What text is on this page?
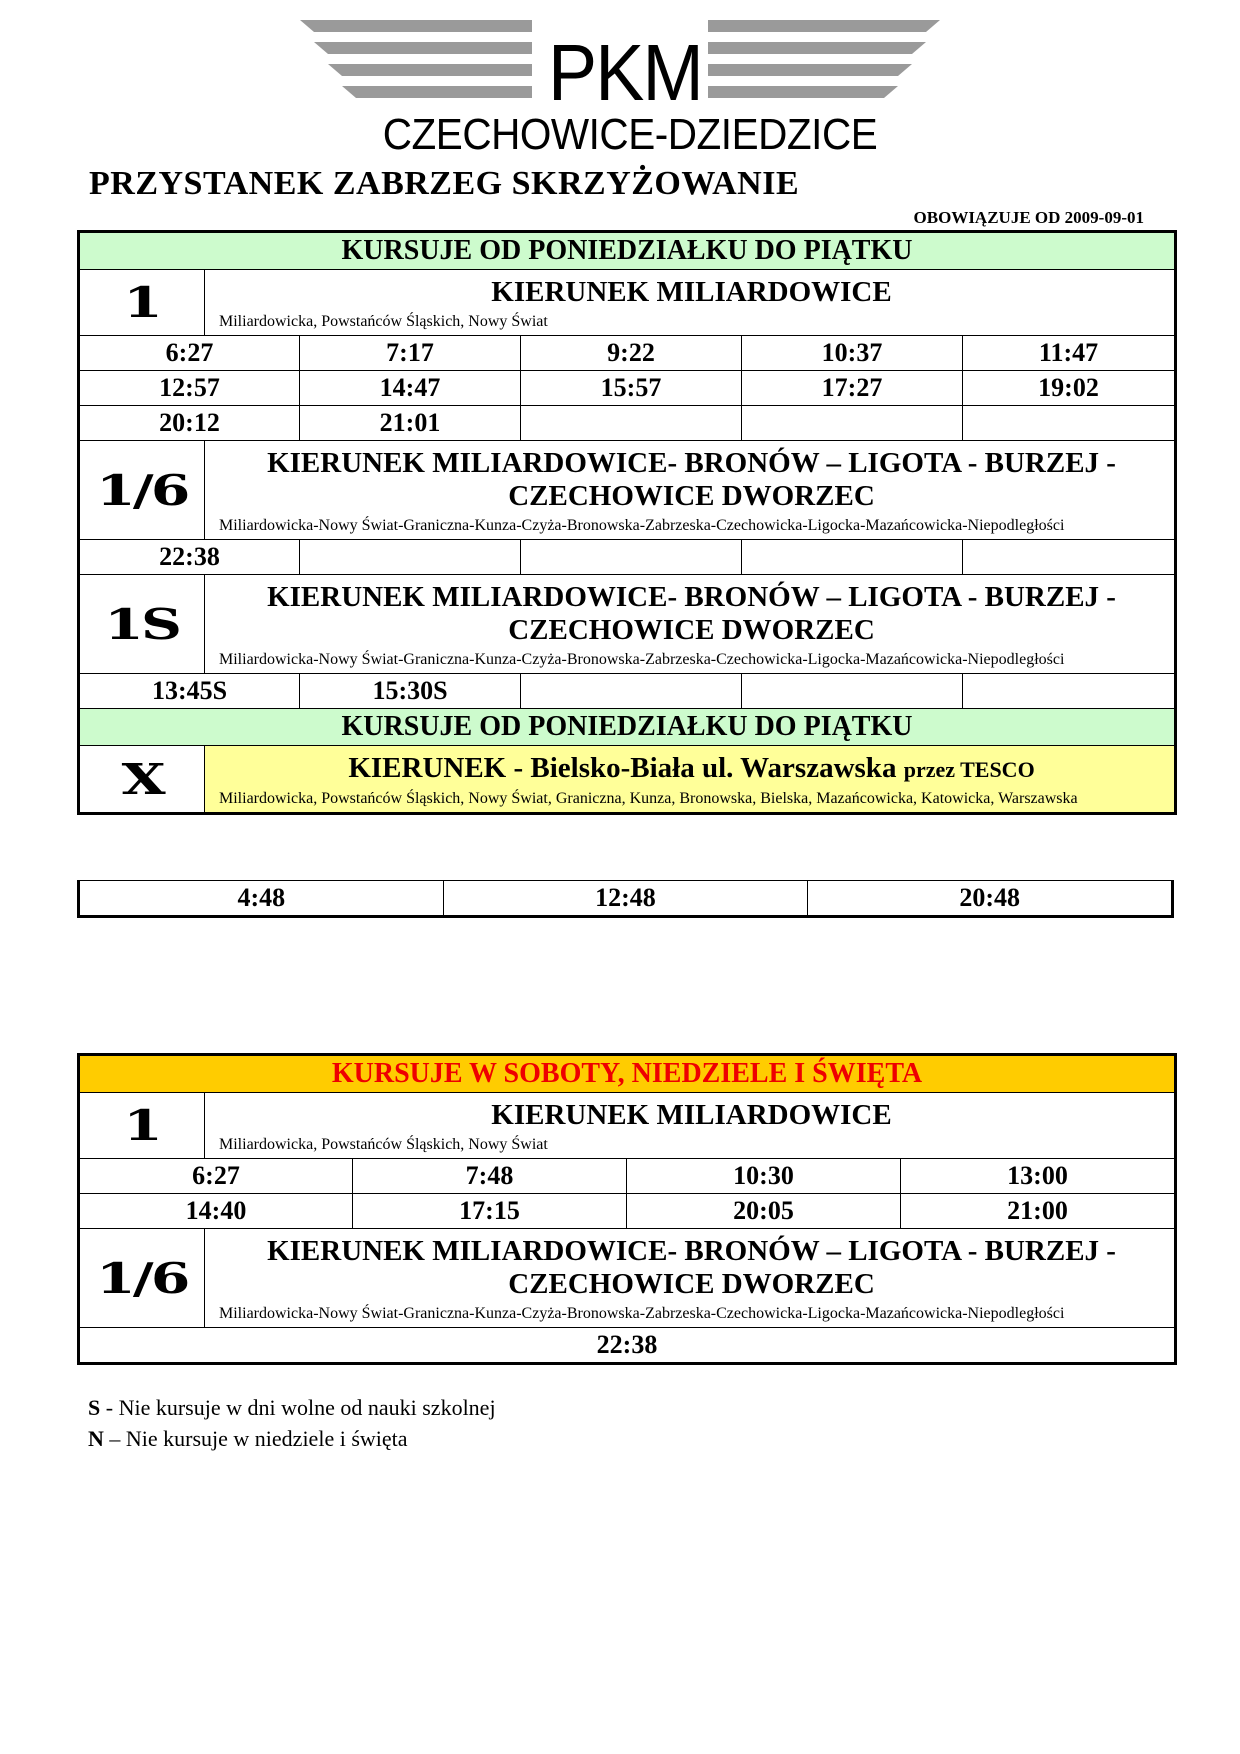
PKM
CZECHOWICE-DZIEDZICE
PRZYSTANEK ZABRZEG SKRZYŻOWANIE
OBOWIĄZUJE OD 2009-09-01
KURSUJE OD PONIEDZIAŁKU DO PIĄTKU					
1	KIERUNEK MILIARDOWICE
Miliardowicka, Powstańców Śląskich, Nowy Świat				

6:27		7:17	9:22	10:37	11:47
12:57		14:47	15:57	17:27	19:02
20:12		21:01			
1/6	KIERUNEK MILIARDOWICE- BRONÓW – LIGOTA - BURZEJ - CZECHOWICE DWORZEC
Miliardowicka-Nowy Świat-Graniczna-Kunza-Czyża-Bronowska-Zabrzeska-Czechowicka-Ligocka-Mazańcowicka-Niepodległości				

22:38					
1S	KIERUNEK MILIARDOWICE- BRONÓW – LIGOTA - BURZEJ - CZECHOWICE DWORZEC
Miliardowicka-Nowy Świat-Graniczna-Kunza-Czyża-Bronowska-Zabrzeska-Czechowicka-Ligocka-Mazańcowicka-Niepodległości				

13:45S		15:30S			
KURSUJE OD PONIEDZIAŁKU DO PIĄTKU					
X	KIERUNEK - Bielsko-Biała ul. Warszawska przez TESCO
Miliardowicka, Powstańców Śląskich, Nowy Świat, Graniczna, Kunza, Bronowska, Bielska, Mazańcowicka, Katowicka, Warszawska				
4:48	12:48	20:48
KURSUJE W SOBOTY, NIEDZIELE I ŚWIĘTA				
1	KIERUNEK MILIARDOWICE
Miliardowicka, Powstańców Śląskich, Nowy Świat			

6:27		7:48	10:30	13:00
14:40		17:15	20:05	21:00
1/6	KIERUNEK MILIARDOWICE- BRONÓW – LIGOTA - BURZEJ - CZECHOWICE DWORZEC
Miliardowicka-Nowy Świat-Graniczna-Kunza-Czyża-Bronowska-Zabrzeska-Czechowicka-Ligocka-Mazańcowicka-Niepodległości			

22:38				
S - Nie kursuje w dni wolne od nauki szkolnej
N – Nie kursuje w niedziele i święta
